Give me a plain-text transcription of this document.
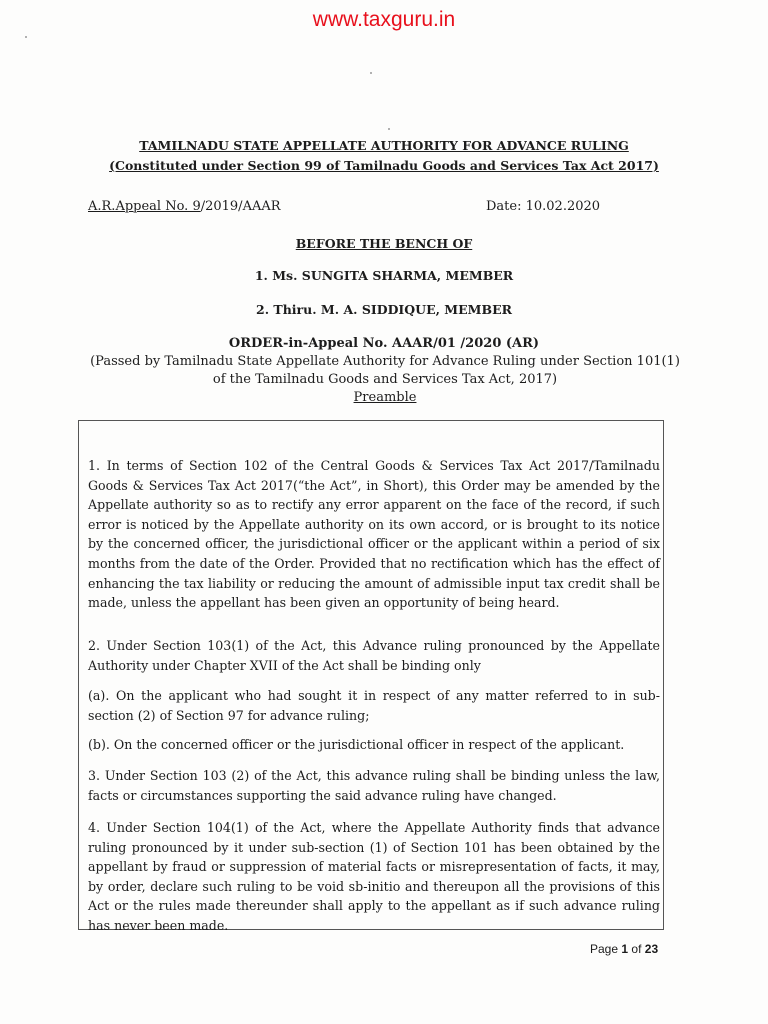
www.taxguru.in
TAMILNADU STATE APPELLATE AUTHORITY FOR ADVANCE RULING
(Constituted under Section 99 of Tamilnadu Goods and Services Tax Act 2017)
A.R.Appeal No. 9/2019/AAAR	Date: 10.02.2020
BEFORE THE BENCH OF
1. Ms. SUNGITA SHARMA, MEMBER
2. Thiru. M. A. SIDDIQUE, MEMBER
ORDER-in-Appeal No. AAAR/01 /2020 (AR)
(Passed by Tamilnadu State Appellate Authority for Advance Ruling under Section 101(1) of the Tamilnadu Goods and Services Tax Act, 2017)
Preamble

1. In terms of Section 102 of the Central Goods & Services Tax Act 2017/Tamilnadu Goods & Services Tax Act 2017(“the Act”, in Short), this Order may be amended by the Appellate authority so as to rectify any error apparent on the face of the record, if such error is noticed by the Appellate authority on its own accord, or is brought to its notice by the concerned officer, the jurisdictional officer or the applicant within a period of six months from the date of the Order. Provided that no rectification which has the effect of enhancing the tax liability or reducing the amount of admissible input tax credit shall be made, unless the appellant has been given an opportunity of being heard.

2. Under Section 103(1) of the Act, this Advance ruling pronounced by the Appellate Authority under Chapter XVII of the Act shall be binding only

(a). On the applicant who had sought it in respect of any matter referred to in sub-section (2) of Section 97 for advance ruling;

(b). On the concerned officer or the jurisdictional officer in respect of the applicant.

3. Under Section 103 (2) of the Act, this advance ruling shall be binding unless the law, facts or circumstances supporting the said advance ruling have changed.

4. Under Section 104(1) of the Act, where the Appellate Authority finds that advance ruling pronounced by it under sub-section (1) of Section 101 has been obtained by the appellant by fraud or suppression of material facts or misrepresentation of facts, it may, by order, declare such ruling to be void sb-initio and thereupon all the provisions of this Act or the rules made thereunder shall apply to the appellant as if such advance ruling has never been made.

Page 1 of 23
